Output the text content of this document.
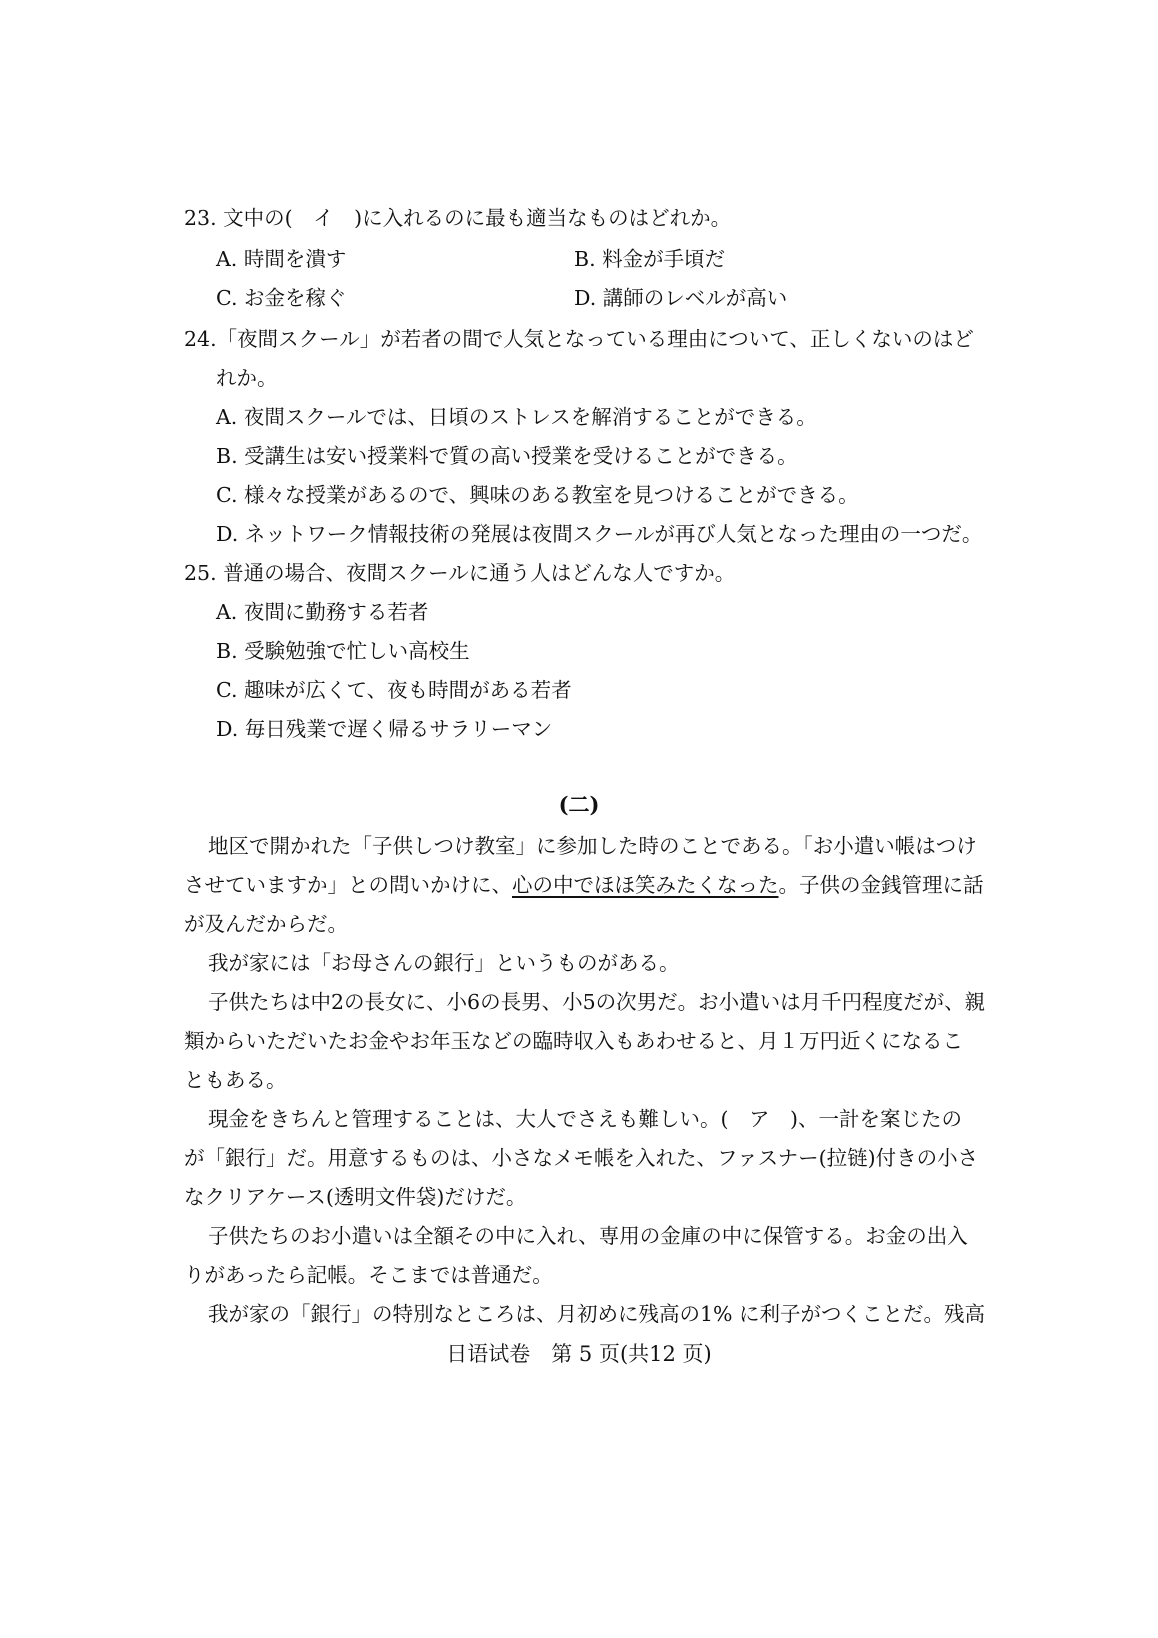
23. 文中の(　イ　)に入れるのに最も適当なものはどれか。
A. 時間を潰す	B. 料金が手頃だ
C. お金を稼ぐ	D. 講師のレベルが高い
24.「夜間スクール」が若者の間で人気となっている理由について、正しくないのはど
れか。
A. 夜間スクールでは、日頃のストレスを解消することができる。
B. 受講生は安い授業料で質の高い授業を受けることができる。
C. 様々な授業があるので、興味のある教室を見つけることができる。
D. ネットワーク情報技術の発展は夜間スクールが再び人気となった理由の一つだ。
25. 普通の場合、夜間スクールに通う人はどんな人ですか。
A. 夜間に勤務する若者
B. 受験勉強で忙しい高校生
C. 趣味が広くて、夜も時間がある若者
D. 毎日残業で遅く帰るサラリーマン
(二)
地区で開かれた「子供しつけ教室」に参加した時のことである。「お小遣い帳はつけ
させていますか」との問いかけに、心の中でほほ笑みたくなった。子供の金銭管理に話
が及んだからだ。
我が家には「お母さんの銀行」というものがある。
子供たちは中2の長女に、小6の長男、小5の次男だ。お小遣いは月千円程度だが、親
類からいただいたお金やお年玉などの臨時収入もあわせると、月１万円近くになるこ
ともある。
現金をきちんと管理することは、大人でさえも難しい。(　ア　)、一計を案じたの
が「銀行」だ。用意するものは、小さなメモ帳を入れた、ファスナー(拉链)付きの小さ
なクリアケース(透明文件袋)だけだ。
子供たちのお小遣いは全額その中に入れ、専用の金庫の中に保管する。お金の出入
りがあったら記帳。そこまでは普通だ。
我が家の「銀行」の特別なところは、月初めに残高の1% に利子がつくことだ。残高
日语试卷　第 5 页(共12 页)
